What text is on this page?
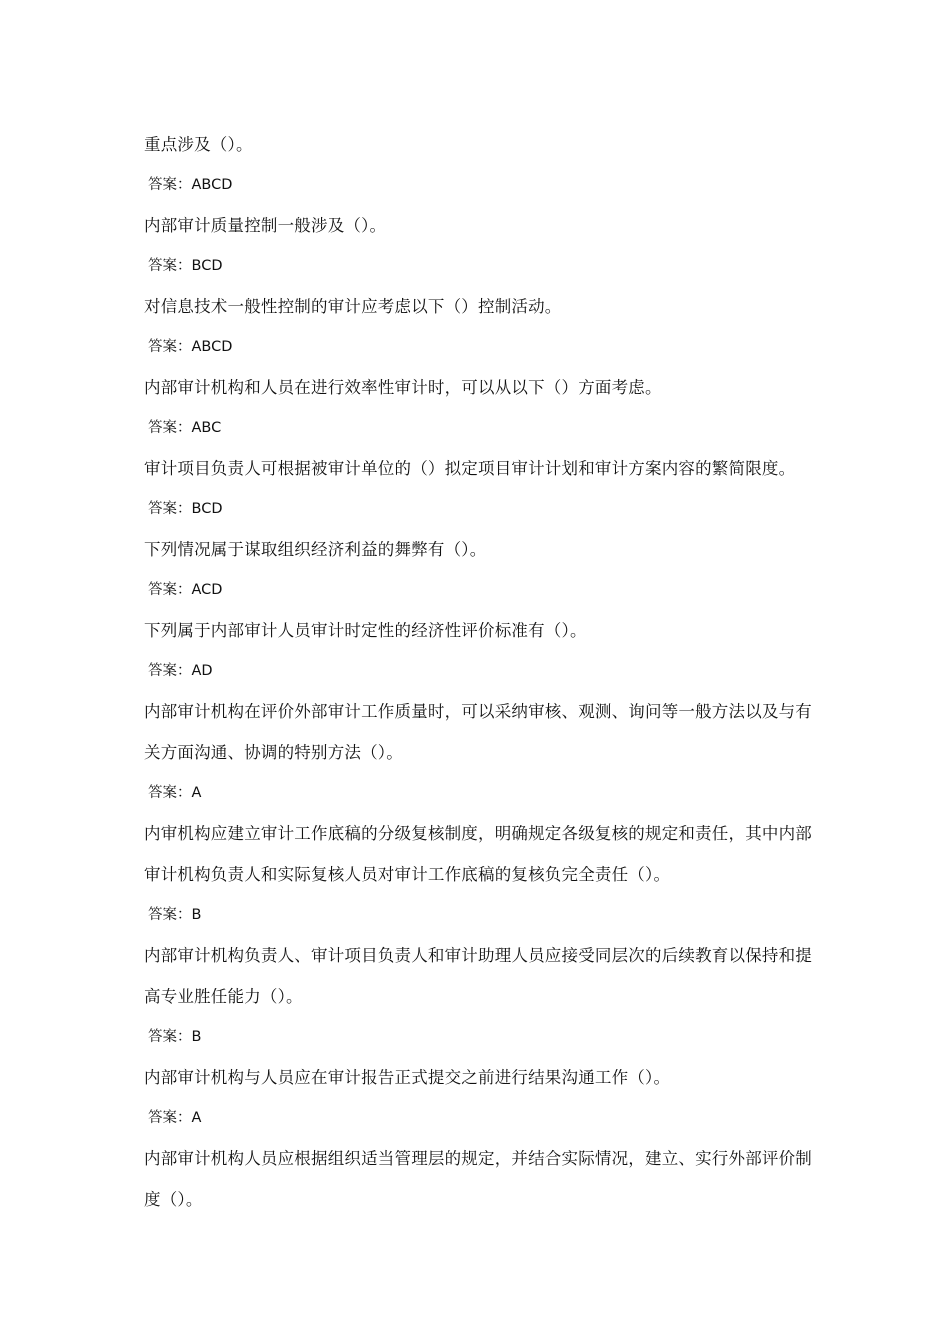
重点涉及（）。

答案：ABCD

内部审计质量控制一般涉及（）。

答案：BCD

对信息技术一般性控制的审计应考虑以下（）控制活动。

答案：ABCD

内部审计机构和人员在进行效率性审计时，可以从以下（）方面考虑。

答案：ABC

审计项目负责人可根据被审计单位的（）拟定项目审计计划和审计方案内容的繁简限度。

答案：BCD

下列情况属于谋取组织经济利益的舞弊有（）。

答案：ACD

下列属于内部审计人员审计时定性的经济性评价标准有（）。

答案：AD

内部审计机构在评价外部审计工作质量时，可以采纳审核、观测、询问等一般方法以及与有关方面沟通、协调的特别方法（）。

答案：A

内审机构应建立审计工作底稿的分级复核制度，明确规定各级复核的规定和责任，其中内部审计机构负责人和实际复核人员对审计工作底稿的复核负完全责任（）。

答案：B

内部审计机构负责人、审计项目负责人和审计助理人员应接受同层次的后续教育以保持和提高专业胜任能力（）。

答案：B

内部审计机构与人员应在审计报告正式提交之前进行结果沟通工作（）。

答案：A

内部审计机构人员应根据组织适当管理层的规定，并结合实际情况，建立、实行外部评价制度（）。
